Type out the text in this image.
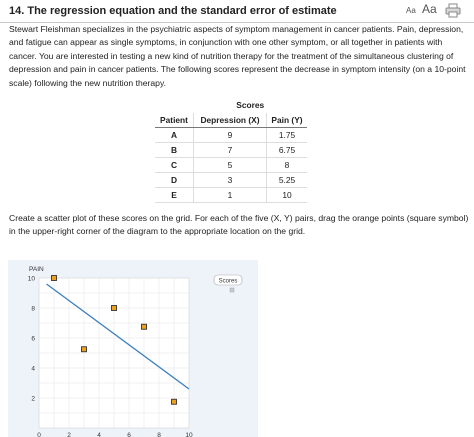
14. The regression equation and the standard error of estimate	Aa Aa
Stewart Fleishman specializes in the psychiatric aspects of symptom management in cancer patients. Pain, depression, and fatigue can appear as single symptoms, in conjunction with one other symptom, or all together in patients with cancer. You are interested in testing a new kind of nutrition therapy for the treatment of the simultaneous clustering of depression and pain in cancer patients. The following scores represent the decrease in symptom intensity (on a 10-point scale) following the new nutrition therapy.
	Scores	
Patient	Depression (X)	Pain (Y)
A	9	1.75
B	7	6.75
C	5	8
D	3	5.25
E	1	10
Create a scatter plot of these scores on the grid. For each of the five (X, Y) pairs, drag the orange points (square symbol) in the upper-right corner of the diagram to the appropriate location on the grid.
PAIN
10
8
6
4
2
0	2	4	6	8	10
Scores
